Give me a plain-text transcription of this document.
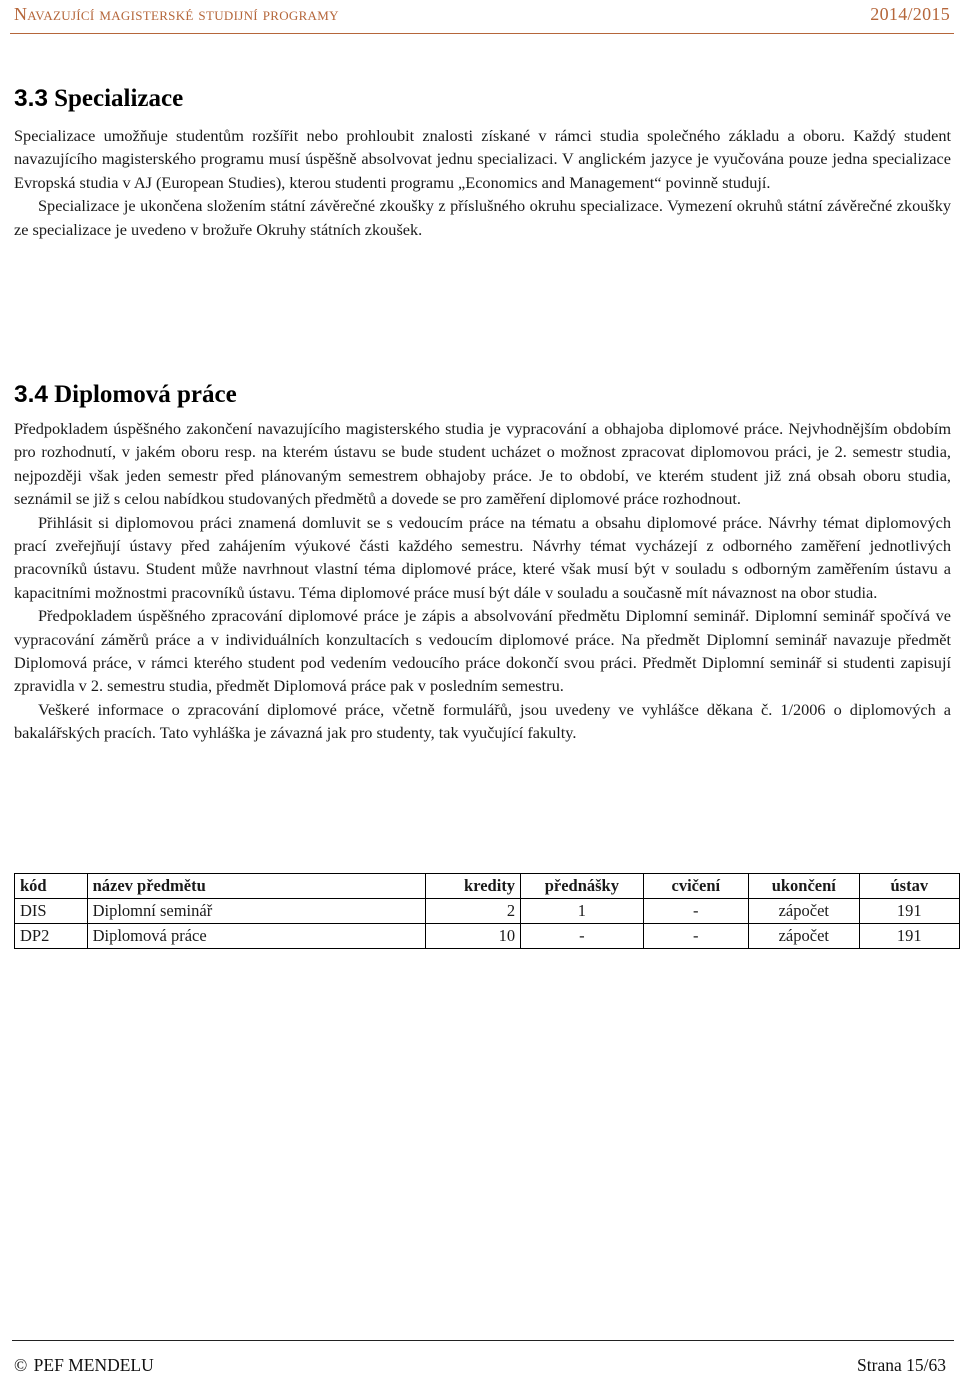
Navazující magisterské studijní programy	2014/2015
3.3 Specializace

Specializace umožňuje studentům rozšířit nebo prohloubit znalosti získané v rámci studia společného základu a oboru. Každý student navazujícího magisterského programu musí úspěšně absolvovat jednu specializaci. V anglickém jazyce je vyučována pouze jedna specializace Evropská studia v AJ (European Studies), kterou studenti programu „Economics and Management“ povinně studují.

Specializace je ukončena složením státní závěrečné zkoušky z příslušného okruhu specializace. Vymezení okruhů státní závěrečné zkoušky ze specializace je uvedeno v brožuře Okruhy státních zkoušek.

3.4 Diplomová práce

Předpokladem úspěšného zakončení navazujícího magisterského studia je vypracování a obhajoba diplomové práce. Nejvhodnějším obdobím pro rozhodnutí, v jakém oboru resp. na kterém ústavu se bude student ucházet o možnost zpracovat diplomovou práci, je 2. semestr studia, nejpozději však jeden semestr před plánovaným semestrem obhajoby práce. Je to období, ve kterém student již zná obsah oboru studia, seznámil se již s celou nabídkou studovaných předmětů a dovede se pro zaměření diplomové práce rozhodnout.

Přihlásit si diplomovou práci znamená domluvit se s vedoucím práce na tématu a obsahu diplomové práce. Návrhy témat diplomových prací zveřejňují ústavy před zahájením výukové části každého semestru. Návrhy témat vycházejí z odborného zaměření jednotlivých pracovníků ústavu. Student může navrhnout vlastní téma diplomové práce, které však musí být v souladu s odborným zaměřením ústavu a kapacitními možnostmi pracovníků ústavu. Téma diplomové práce musí být dále v souladu a současně mít návaznost na obor studia.

Předpokladem úspěšného zpracování diplomové práce je zápis a absolvování předmětu Diplomní seminář. Diplomní seminář spočívá ve vypracování záměrů práce a v individuálních konzultacích s vedoucím diplomové práce. Na předmět Diplomní seminář navazuje předmět Diplomová práce, v rámci kterého student pod vedením vedoucího práce dokončí svou práci. Předmět Diplomní seminář si studenti zapisují zpravidla v 2. semestru studia, předmět Diplomová práce pak v posledním semestru.

Veškeré informace o zpracování diplomové práce, včetně formulářů, jsou uvedeny ve vyhlášce děkana č. 1/2006 o diplomových a bakalářských pracích. Tato vyhláška je závazná jak pro studenty, tak vyučující fakulty.

kód	název předmětu	kredity	přednášky	cvičení	ukončení	ústav
DIS	Diplomní seminář	2	1	-	zápočet	191
DP2	Diplomová práce	10	-	-	zápočet	191
© PEF MENDELU	Strana 15/63
